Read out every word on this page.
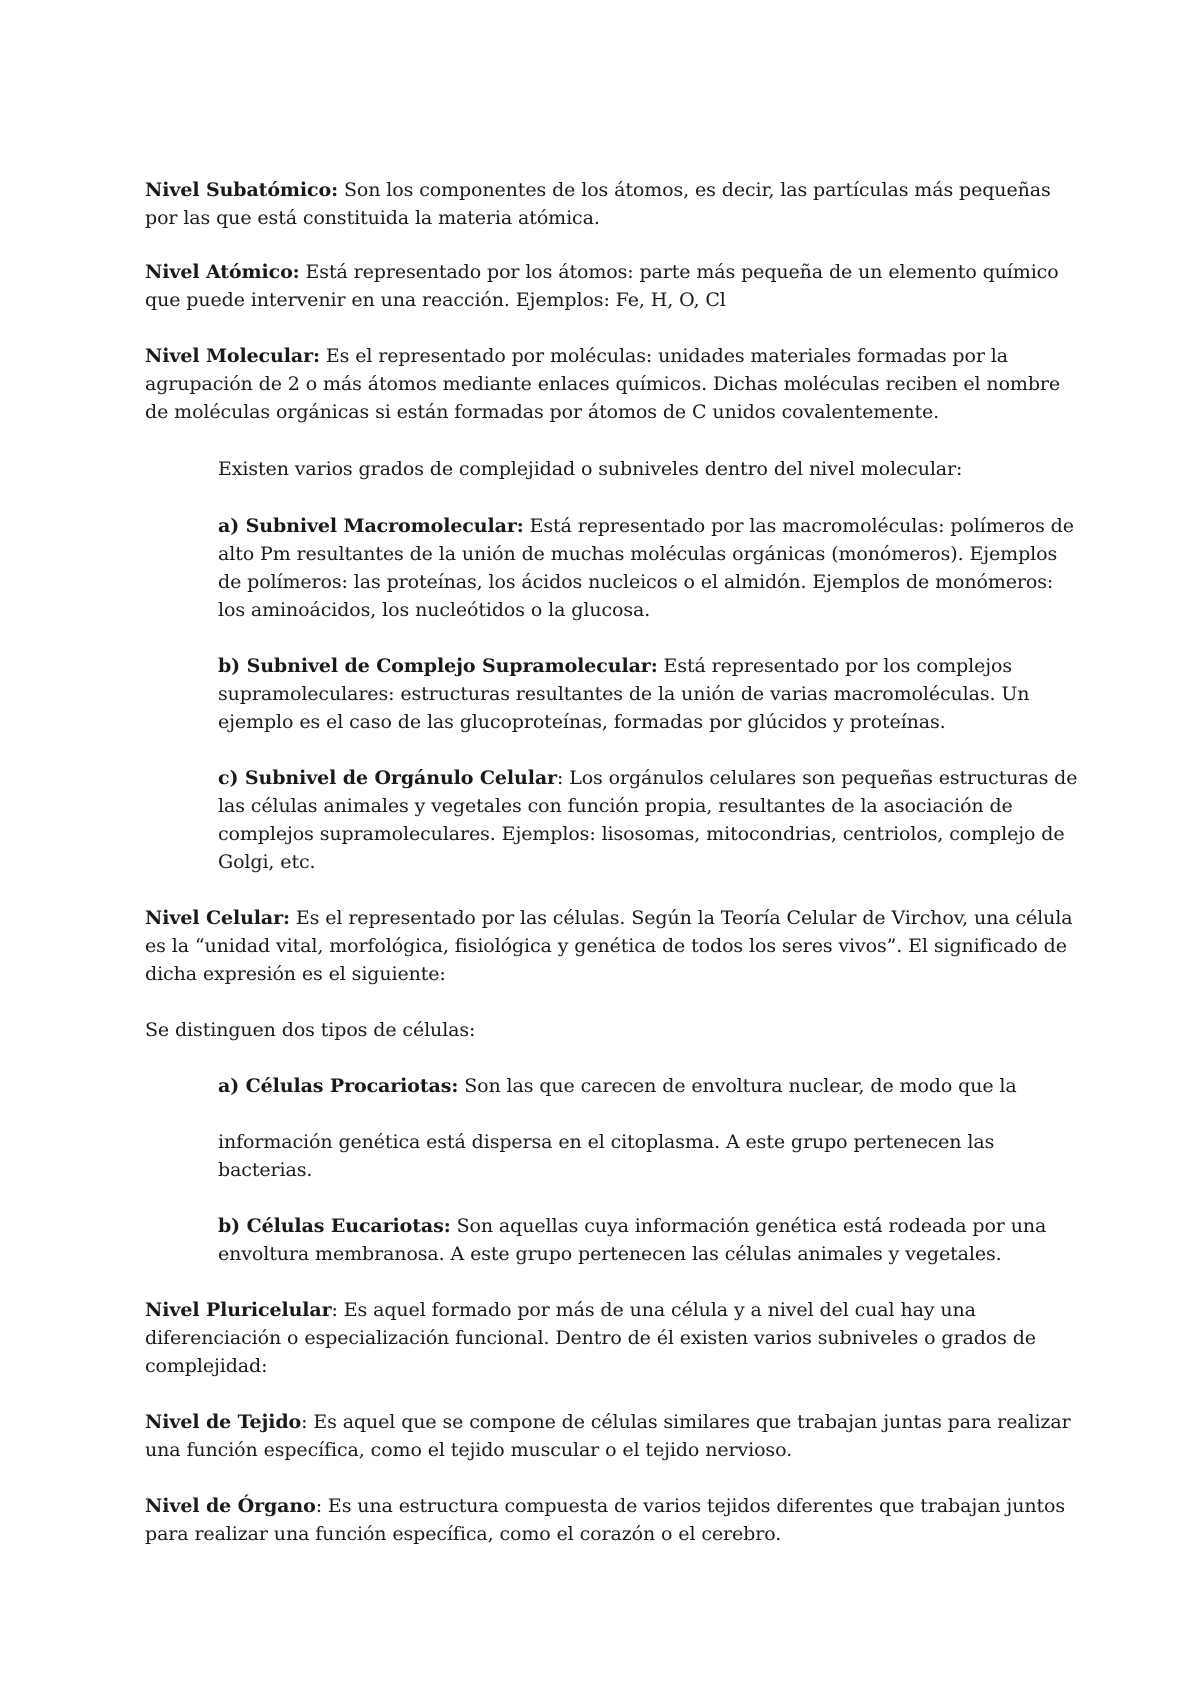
Nivel Subatómico: Son los componentes de los átomos, es decir, las partículas más pequeñas por las que está constituida la materia atómica.

Nivel Atómico: Está representado por los átomos: parte más pequeña de un elemento químico que puede intervenir en una reacción. Ejemplos: Fe, H, O, Cl

Nivel Molecular: Es el representado por moléculas: unidades materiales formadas por la agrupación de 2 o más átomos mediante enlaces químicos. Dichas moléculas reciben el nombre de moléculas orgánicas si están formadas por átomos de C unidos covalentemente.

Existen varios grados de complejidad o subniveles dentro del nivel molecular:

a) Subnivel Macromolecular: Está representado por las macromoléculas: polímeros de alto Pm resultantes de la unión de muchas moléculas orgánicas (monómeros). Ejemplos de polímeros: las proteínas, los ácidos nucleicos o el almidón. Ejemplos de monómeros: los aminoácidos, los nucleótidos o la glucosa.

b) Subnivel de Complejo Supramolecular: Está representado por los complejos supramoleculares: estructuras resultantes de la unión de varias macromoléculas. Un ejemplo es el caso de las glucoproteínas, formadas por glúcidos y proteínas.

c) Subnivel de Orgánulo Celular: Los orgánulos celulares son pequeñas estructuras de las células animales y vegetales con función propia, resultantes de la asociación de complejos supramoleculares. Ejemplos: lisosomas, mitocondrias, centriolos, complejo de Golgi, etc.

Nivel Celular: Es el representado por las células. Según la Teoría Celular de Virchov, una célula es la “unidad vital, morfológica, fisiológica y genética de todos los seres vivos”. El significado de dicha expresión es el siguiente:

Se distinguen dos tipos de células:

a) Células Procariotas: Son las que carecen de envoltura nuclear, de modo que la

información genética está dispersa en el citoplasma. A este grupo pertenecen las bacterias.

b) Células Eucariotas: Son aquellas cuya información genética está rodeada por una envoltura membranosa. A este grupo pertenecen las células animales y vegetales.

Nivel Pluricelular: Es aquel formado por más de una célula y a nivel del cual hay una diferenciación o especialización funcional. Dentro de él existen varios subniveles o grados de complejidad:

Nivel de Tejido: Es aquel que se compone de células similares que trabajan juntas para realizar una función específica, como el tejido muscular o el tejido nervioso.

Nivel de Órgano: Es una estructura compuesta de varios tejidos diferentes que trabajan juntos para realizar una función específica, como el corazón o el cerebro.
